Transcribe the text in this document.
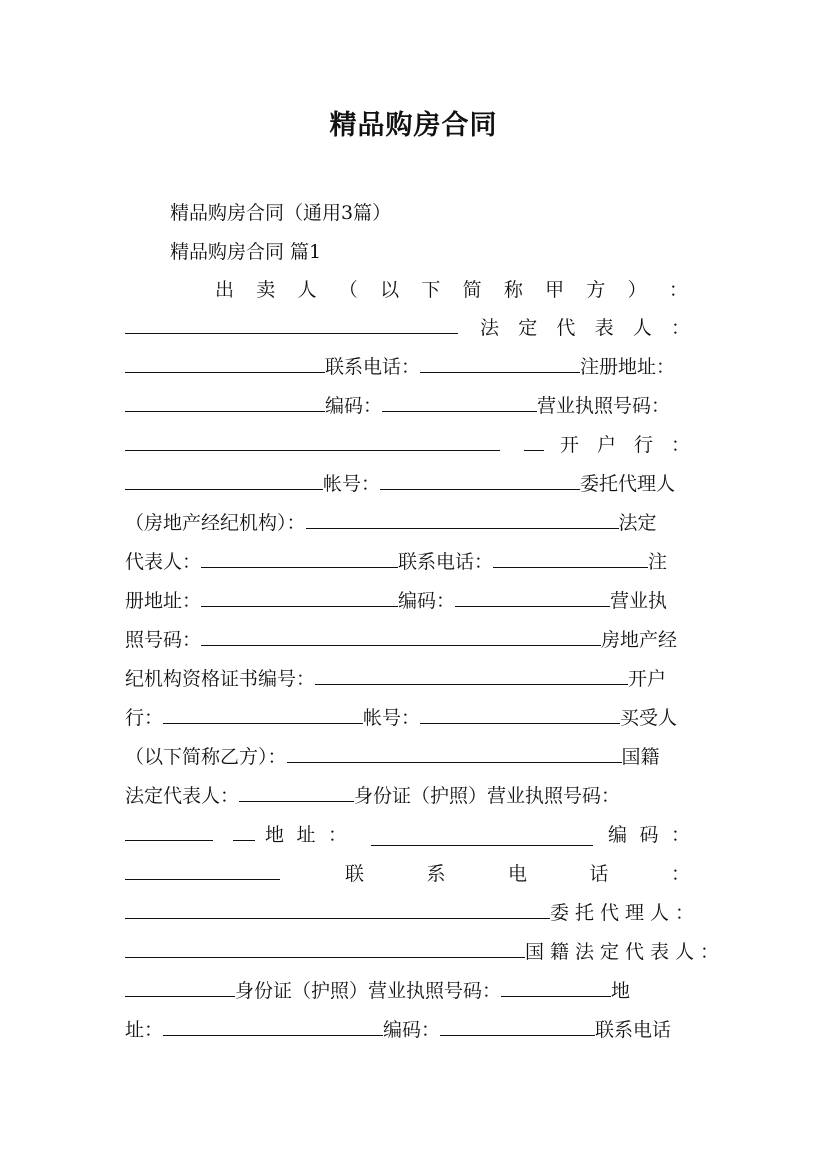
精品购房合同
精品购房合同（通用3篇）
精品购房合同 篇1
出 卖 人 （ 以 下 简 称 甲 方 ） ：
法 定 代 表 人 ：
联系电话：	注册地址：
编码：	营业执照号码：

开 户 行 ：
帐号：	委托代理人
（房地产经纪机构）：	法定
代表人：	联系电话：	注
册地址：	编码：	营业执
照号码：	房地产经
纪机构资格证书编号：	开户
行：	帐号：	买受人
（以下简称乙方）：	国籍
法定代表人：	身份证（护照）营业执照号码：

地 址 ：	编 码 ：
联	系	电	话	：
委托代理人：
国籍法定代表人：
身份证（护照）营业执照号码：	地
址：	编码：	联系电话
